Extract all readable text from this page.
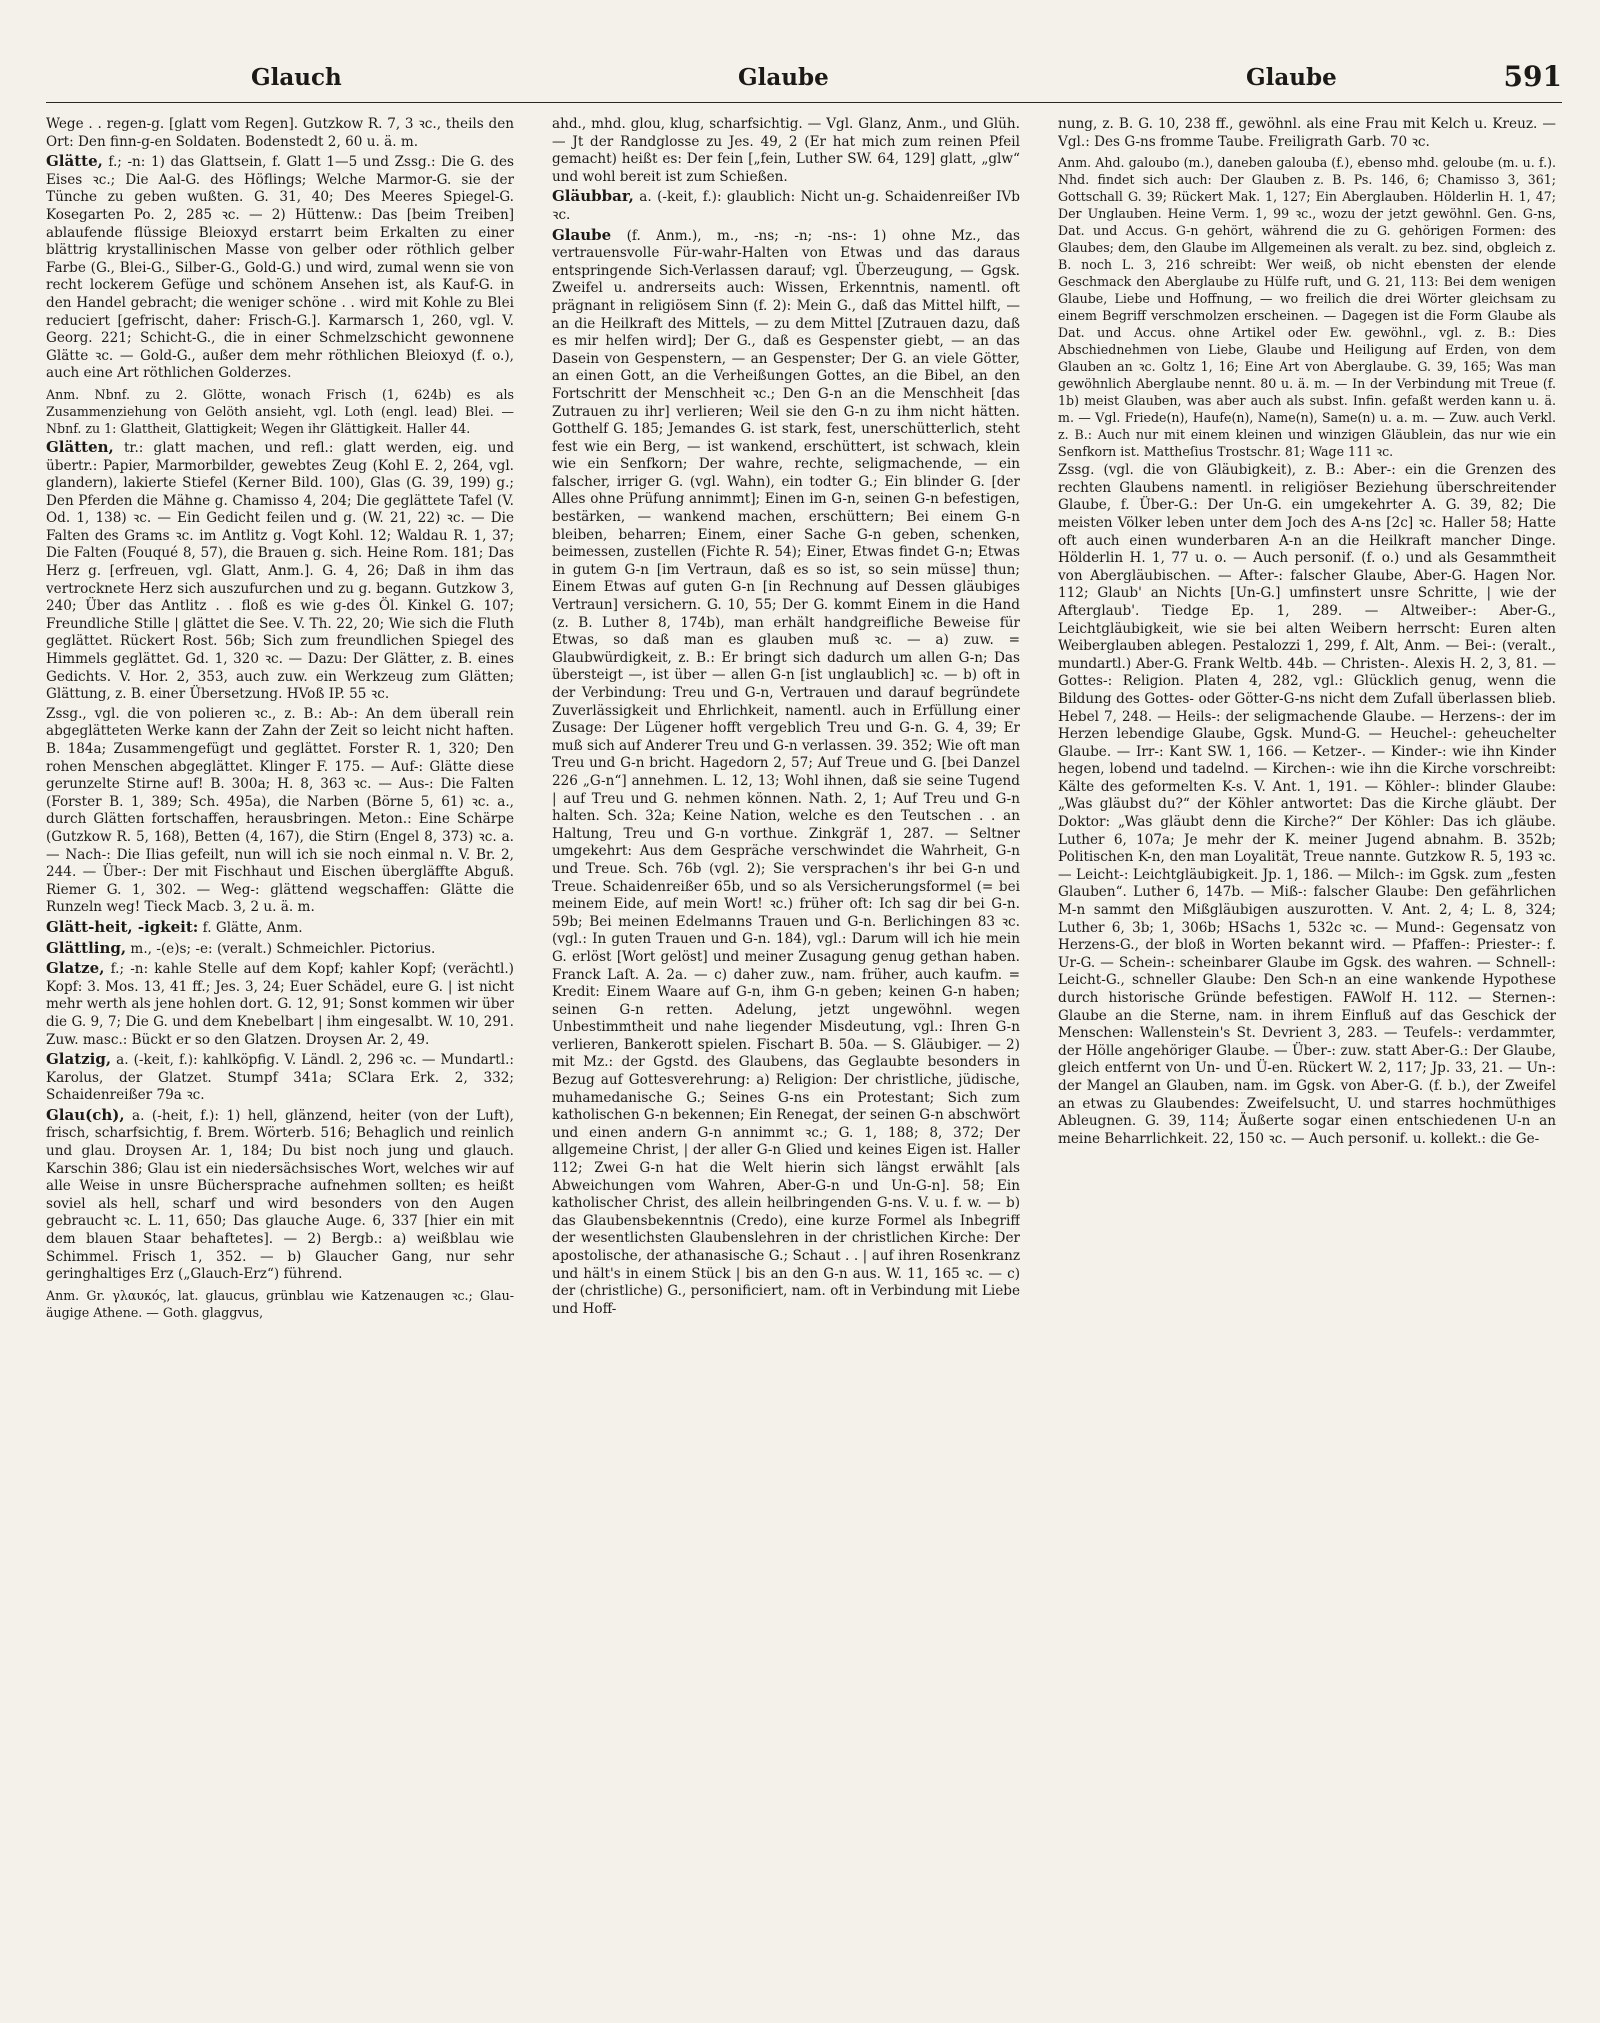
Glauch	Glaube	Glaube	591

Wege . . regen-g. [glatt vom Regen]. Gutzkow R. 7, 3 ꝛc., theils den Ort: Den finn-g-en Soldaten. Bodenstedt 2, 60 u. ä. m.

Glätte, f.; -n: 1) das Glattsein, f. Glatt 1—5 und Zssg.: Die G. des Eises ꝛc.; Die Aal-G. des Höflings; Welche Marmor-G. sie der Tünche zu geben wußten. G. 31, 40; Des Meeres Spiegel-G. Kosegarten Po. 2, 285 ꝛc. — 2) Hüttenw.: Das [beim Treiben] ablaufende flüssige Bleioxyd erstarrt beim Erkalten zu einer blättrig krystallinischen Masse von gelber oder röthlich gelber Farbe (G., Blei-G., Silber-G., Gold-G.) und wird, zumal wenn sie von recht lockerem Gefüge und schönem Ansehen ist, als Kauf-G. in den Handel gebracht; die weniger schöne . . wird mit Kohle zu Blei reduciert [gefrischt, daher: Frisch-G.]. Karmarsch 1, 260, vgl. V. Georg. 221; Schicht-G., die in einer Schmelzschicht gewonnene Glätte ꝛc. — Gold-G., außer dem mehr röthlichen Bleioxyd (f. o.), auch eine Art röthlichen Golderzes.

Anm. Nbnf. zu 2. Glötte, wonach Frisch (1, 624b) es als Zusammenziehung von Gelöth ansieht, vgl. Loth (engl. lead) Blei. — Nbnf. zu 1: Glattheit, Glattigkeit; Wegen ihr Glättigkeit. Haller 44.

Glätten, tr.: glatt machen, und refl.: glatt werden, eig. und übertr.: Papier, Marmorbilder, gewebtes Zeug (Kohl E. 2, 264, vgl. glandern), lakierte Stiefel (Kerner Bild. 100), Glas (G. 39, 199) g.; Den Pferden die Mähne g. Chamisso 4, 204; Die geglättete Tafel (V. Od. 1, 138) ꝛc. — Ein Gedicht feilen und g. (W. 21, 22) ꝛc. — Die Falten des Grams ꝛc. im Antlitz g. Vogt Kohl. 12; Waldau R. 1, 37; Die Falten (Fouqué 8, 57), die Brauen g. sich. Heine Rom. 181; Das Herz g. [erfreuen, vgl. Glatt, Anm.]. G. 4, 26; Daß in ihm das vertrocknete Herz sich auszufurchen und zu g. begann. Gutzkow 3, 240; Über das Antlitz . . floß es wie g-des Öl. Kinkel G. 107; Freundliche Stille | glättet die See. V. Th. 22, 20; Wie sich die Fluth geglättet. Rückert Rost. 56b; Sich zum freundlichen Spiegel des Himmels geglättet. Gd. 1, 320 ꝛc. — Dazu: Der Glätter, z. B. eines Gedichts. V. Hor. 2, 353, auch zuw. ein Werkzeug zum Glätten; Glättung, z. B. einer Übersetzung. HVoß IP. 55 ꝛc.

Zssg., vgl. die von polieren ꝛc., z. B.: Ab-: An dem überall rein abgeglätteten Werke kann der Zahn der Zeit so leicht nicht haften. B. 184a; Zusammengefügt und geglättet. Forster R. 1, 320; Den rohen Menschen abgeglättet. Klinger F. 175. — Auf-: Glätte diese gerunzelte Stirne auf! B. 300a; H. 8, 363 ꝛc. — Aus-: Die Falten (Forster B. 1, 389; Sch. 495a), die Narben (Börne 5, 61) ꝛc. a., durch Glätten fortschaffen, herausbringen. Meton.: Eine Schärpe (Gutzkow R. 5, 168), Betten (4, 167), die Stirn (Engel 8, 373) ꝛc. a. — Nach-: Die Ilias gefeilt, nun will ich sie noch einmal n. V. Br. 2, 244. — Über-: Der mit Fischhaut und Eischen übergläffte Abguß. Riemer G. 1, 302. — Weg-: glättend wegschaffen: Glätte die Runzeln weg! Tieck Macb. 3, 2 u. ä. m.

Glätt-heit, -igkeit: f. Glätte, Anm.

Glättling, m., -(e)s; -e: (veralt.) Schmeichler. Pictorius.

Glatze, f.; -n: kahle Stelle auf dem Kopf; kahler Kopf; (verächtl.) Kopf: 3. Mos. 13, 41 ff.; Jes. 3, 24; Euer Schädel, eure G. | ist nicht mehr werth als jene hohlen dort. G. 12, 91; Sonst kommen wir über die G. 9, 7; Die G. und dem Knebelbart | ihm eingesalbt. W. 10, 291. Zuw. masc.: Bückt er so den Glatzen. Droysen Ar. 2, 49.

Glatzig, a. (-keit, f.): kahlköpfig. V. Ländl. 2, 296 ꝛc. — Mundartl.: Karolus, der Glatzet. Stumpf 341a; SClara Erk. 2, 332; Schaidenreißer 79a ꝛc.

Glau(ch), a. (-heit, f.): 1) hell, glänzend, heiter (von der Luft), frisch, scharfsichtig, f. Brem. Wörterb. 516; Behaglich und reinlich und glau. Droysen Ar. 1, 184; Du bist noch jung und glauch. Karschin 386; Glau ist ein niedersächsisches Wort, welches wir auf alle Weise in unsre Büchersprache aufnehmen sollten; es heißt soviel als hell, scharf und wird besonders von den Augen gebraucht ꝛc. L. 11, 650; Das glauche Auge. 6, 337 [hier ein mit dem blauen Staar behaftetes]. — 2) Bergb.: a) weißblau wie Schimmel. Frisch 1, 352. — b) Glaucher Gang, nur sehr geringhaltiges Erz („Glauch-Erz“) führend.

Anm. Gr. γλαυκός, lat. glaucus, grünblau wie Katzenaugen ꝛc.; Glau-äugige Athene. — Goth. glaggvus,

ahd., mhd. glou, klug, scharfsichtig. — Vgl. Glanz, Anm., und Glüh. — Jt der Randglosse zu Jes. 49, 2 (Er hat mich zum reinen Pfeil gemacht) heißt es: Der fein [„fein, Luther SW. 64, 129] glatt, „glw“ und wohl bereit ist zum Schießen.

Gläubbar, a. (-keit, f.): glaublich: Nicht un-g. Schaidenreißer IVb ꝛc.

Glaube (f. Anm.), m., -ns; -n; -ns-: 1) ohne Mz., das vertrauensvolle Für-wahr-Halten von Etwas und das daraus entspringende Sich-Verlassen darauf; vgl. Überzeugung, — Ggsk. Zweifel u. andrerseits auch: Wissen, Erkenntnis, namentl. oft prägnant in religiösem Sinn (f. 2): Mein G., daß das Mittel hilft, — an die Heilkraft des Mittels, — zu dem Mittel [Zutrauen dazu, daß es mir helfen wird]; Der G., daß es Gespenster giebt, — an das Dasein von Gespenstern, — an Gespenster; Der G. an viele Götter, an einen Gott, an die Verheißungen Gottes, an die Bibel, an den Fortschritt der Menschheit ꝛc.; Den G-n an die Menschheit [das Zutrauen zu ihr] verlieren; Weil sie den G-n zu ihm nicht hätten. Gotthelf G. 185; Jemandes G. ist stark, fest, unerschütterlich, steht fest wie ein Berg, — ist wankend, erschüttert, ist schwach, klein wie ein Senfkorn; Der wahre, rechte, seligmachende, — ein falscher, irriger G. (vgl. Wahn), ein todter G.; Ein blinder G. [der Alles ohne Prüfung annimmt]; Einen im G-n, seinen G-n befestigen, bestärken, — wankend machen, erschüttern; Bei einem G-n bleiben, beharren; Einem, einer Sache G-n geben, schenken, beimessen, zustellen (Fichte R. 54); Einer, Etwas findet G-n; Etwas in gutem G-n [im Vertraun, daß es so ist, so sein müsse] thun; Einem Etwas auf guten G-n [in Rechnung auf Dessen gläubiges Vertraun] versichern. G. 10, 55; Der G. kommt Einem in die Hand (z. B. Luther 8, 174b), man erhält handgreifliche Beweise für Etwas, so daß man es glauben muß ꝛc. — a) zuw. = Glaubwürdigkeit, z. B.: Er bringt sich dadurch um allen G-n; Das übersteigt —, ist über — allen G-n [ist unglaublich] ꝛc. — b) oft in der Verbindung: Treu und G-n, Vertrauen und darauf begründete Zuverlässigkeit und Ehrlichkeit, namentl. auch in Erfüllung einer Zusage: Der Lügener hofft vergeblich Treu und G-n. G. 4, 39; Er muß sich auf Anderer Treu und G-n verlassen. 39. 352; Wie oft man Treu und G-n bricht. Hagedorn 2, 57; Auf Treue und G. [bei Danzel 226 „G-n“] annehmen. L. 12, 13; Wohl ihnen, daß sie seine Tugend | auf Treu und G. nehmen können. Nath. 2, 1; Auf Treu und G-n halten. Sch. 32a; Keine Nation, welche es den Teutschen . . an Haltung, Treu und G-n vorthue. Zinkgräf 1, 287. — Seltner umgekehrt: Aus dem Gespräche verschwindet die Wahrheit, G-n und Treue. Sch. 76b (vgl. 2); Sie versprachen's ihr bei G-n und Treue. Schaidenreißer 65b, und so als Versicherungsformel (= bei meinem Eide, auf mein Wort! ꝛc.) früher oft: Ich sag dir bei G-n. 59b; Bei meinen Edelmanns Trauen und G-n. Berlichingen 83 ꝛc. (vgl.: In guten Trauen und G-n. 184), vgl.: Darum will ich hie mein G. erlöst [Wort gelöst] und meiner Zusagung genug gethan haben. Franck Laſt. A. 2a. — c) daher zuw., nam. früher, auch kaufm. = Kredit: Einem Waare auf G-n, ihm G-n geben; keinen G-n haben; seinen G-n retten. Adelung, jetzt ungewöhnl. wegen Unbestimmtheit und nahe liegender Misdeutung, vgl.: Ihren G-n verlieren, Bankerott spielen. Fischart B. 50a. — S. Gläubiger. — 2) mit Mz.: der Ggstd. des Glaubens, das Geglaubte besonders in Bezug auf Gottesverehrung: a) Religion: Der christliche, jüdische, muhamedanische G.; Seines G-ns ein Protestant; Sich zum katholischen G-n bekennen; Ein Renegat, der seinen G-n abschwört und einen andern G-n annimmt ꝛc.; G. 1, 188; 8, 372; Der allgemeine Christ, | der aller G-n Glied und keines Eigen ist. Haller 112; Zwei G-n hat die Welt hierin sich längst erwählt [als Abweichungen vom Wahren, Aber-G-n und Un-G-n]. 58; Ein katholischer Christ, des allein heilbringenden G-ns. V. u. f. w. — b) das Glaubensbekenntnis (Credo), eine kurze Formel als Inbegriff der wesentlichsten Glaubenslehren in der christlichen Kirche: Der apostolische, der athanasische G.; Schaut . . | auf ihren Rosenkranz und hält's in einem Stück | bis an den G-n aus. W. 11, 165 ꝛc. — c) der (christliche) G., personificiert, nam. oft in Verbindung mit Liebe und Hoff-

nung, z. B. G. 10, 238 ff., gewöhnl. als eine Frau mit Kelch u. Kreuz. — Vgl.: Des G-ns fromme Taube. Freiligrath Garb. 70 ꝛc.

Anm. Ahd. galoubo (m.), daneben galouba (f.), ebenso mhd. geloube (m. u. f.). Nhd. findet sich auch: Der Glauben z. B. Ps. 146, 6; Chamisso 3, 361; Gottschall G. 39; Rückert Mak. 1, 127; Ein Aberglauben. Hölderlin H. 1, 47; Der Unglauben. Heine Verm. 1, 99 ꝛc., wozu der jetzt gewöhnl. Gen. G-ns, Dat. und Accus. G-n gehört, während die zu G. gehörigen Formen: des Glaubes; dem, den Glaube im Allgemeinen als veralt. zu bez. sind, obgleich z. B. noch L. 3, 216 schreibt: Wer weiß, ob nicht ebensten der elende Geschmack den Aberglaube zu Hülfe ruft, und G. 21, 113: Bei dem wenigen Glaube, Liebe und Hoffnung, — wo freilich die drei Wörter gleichsam zu einem Begriff verschmolzen erscheinen. — Dagegen ist die Form Glaube als Dat. und Accus. ohne Artikel oder Ew. gewöhnl., vgl. z. B.: Dies Abschiednehmen von Liebe, Glaube und Heiligung auf Erden, von dem Glauben an ꝛc. Goltz 1, 16; Eine Art von Aberglaube. G. 39, 165; Was man gewöhnlich Aberglaube nennt. 80 u. ä. m. — In der Verbindung mit Treue (f. 1b) meist Glauben, was aber auch als subst. Infin. gefaßt werden kann u. ä. m. — Vgl. Friede(n), Haufe(n), Name(n), Same(n) u. a. m. — Zuw. auch Verkl. z. B.: Auch nur mit einem kleinen und winzigen Gläublein, das nur wie ein Senfkorn ist. Mattheſius Trostschr. 81; Wage 111 ꝛc.

Zssg. (vgl. die von Gläubigkeit), z. B.: Aber-: ein die Grenzen des rechten Glaubens namentl. in religiöser Beziehung überschreitender Glaube, f. Über-G.: Der Un-G. ein umgekehrter A. G. 39, 82; Die meisten Völker leben unter dem Joch des A-ns [2c] ꝛc. Haller 58; Hatte oft auch einen wunderbaren A-n an die Heilkraft mancher Dinge. Hölderlin H. 1, 77 u. o. — Auch personif. (f. o.) und als Gesammtheit von Abergläubischen. — After-: falscher Glaube, Aber-G. Hagen Nor. 112; Glaub' an Nichts [Un-G.] umfinstert unsre Schritte, | wie der Afterglaub'. Tiedge Ep. 1, 289. — Altweiber-: Aber-G., Leichtgläubigkeit, wie sie bei alten Weibern herrscht: Euren alten Weiberglauben ablegen. Pestalozzi 1, 299, f. Alt, Anm. — Bei-: (veralt., mundartl.) Aber-G. Frank Weltb. 44b. — Christen-. Alexis H. 2, 3, 81. — Gottes-: Religion. Platen 4, 282, vgl.: Glücklich genug, wenn die Bildung des Gottes- oder Götter-G-ns nicht dem Zufall überlassen blieb. Hebel 7, 248. — Heils-: der seligmachende Glaube. — Herzens-: der im Herzen lebendige Glaube, Ggsk. Mund-G. — Heuchel-: geheuchelter Glaube. — Irr-: Kant SW. 1, 166. — Ketzer-. — Kinder-: wie ihn Kinder hegen, lobend und tadelnd. — Kirchen-: wie ihn die Kirche vorschreibt: Kälte des geformelten K-s. V. Ant. 1, 191. — Köhler-: blinder Glaube: „Was gläubst du?“ der Köhler antwortet: Das die Kirche gläubt. Der Doktor: „Was gläubt denn die Kirche?“ Der Köhler: Das ich gläube. Luther 6, 107a; Je mehr der K. meiner Jugend abnahm. B. 352b; Politischen K-n, den man Loyalität, Treue nannte. Gutzkow R. 5, 193 ꝛc. — Leicht-: Leichtgläubigkeit. Jp. 1, 186. — Milch-: im Ggsk. zum „festen Glauben“. Luther 6, 147b. — Miß-: falscher Glaube: Den gefährlichen M-n sammt den Mißgläubigen auszurotten. V. Ant. 2, 4; L. 8, 324; Luther 6, 3b; 1, 306b; HSachs 1, 532c ꝛc. — Mund-: Gegensatz von Herzens-G., der bloß in Worten bekannt wird. — Pfaffen-: Priester-: f. Ur-G. — Schein-: scheinbarer Glaube im Ggsk. des wahren. — Schnell-: Leicht-G., schneller Glaube: Den Sch-n an eine wankende Hypothese durch historische Gründe befestigen. FAWolf H. 112. — Sternen-: Glaube an die Sterne, nam. in ihrem Einfluß auf das Geschick der Menschen: Wallenstein's St. Devrient 3, 283. — Teufels-: verdammter, der Hölle angehöriger Glaube. — Über-: zuw. statt Aber-G.: Der Glaube, gleich entfernt von Un- und Ü-en. Rückert W. 2, 117; Jp. 33, 21. — Un-: der Mangel an Glauben, nam. im Ggsk. von Aber-G. (f. b.), der Zweifel an etwas zu Glaubendes: Zweifelsucht, U. und starres hochmüthiges Ableugnen. G. 39, 114; Äußerte sogar einen entschiedenen U-n an meine Beharrlichkeit. 22, 150 ꝛc. — Auch personif. u. kollekt.: die Ge-
